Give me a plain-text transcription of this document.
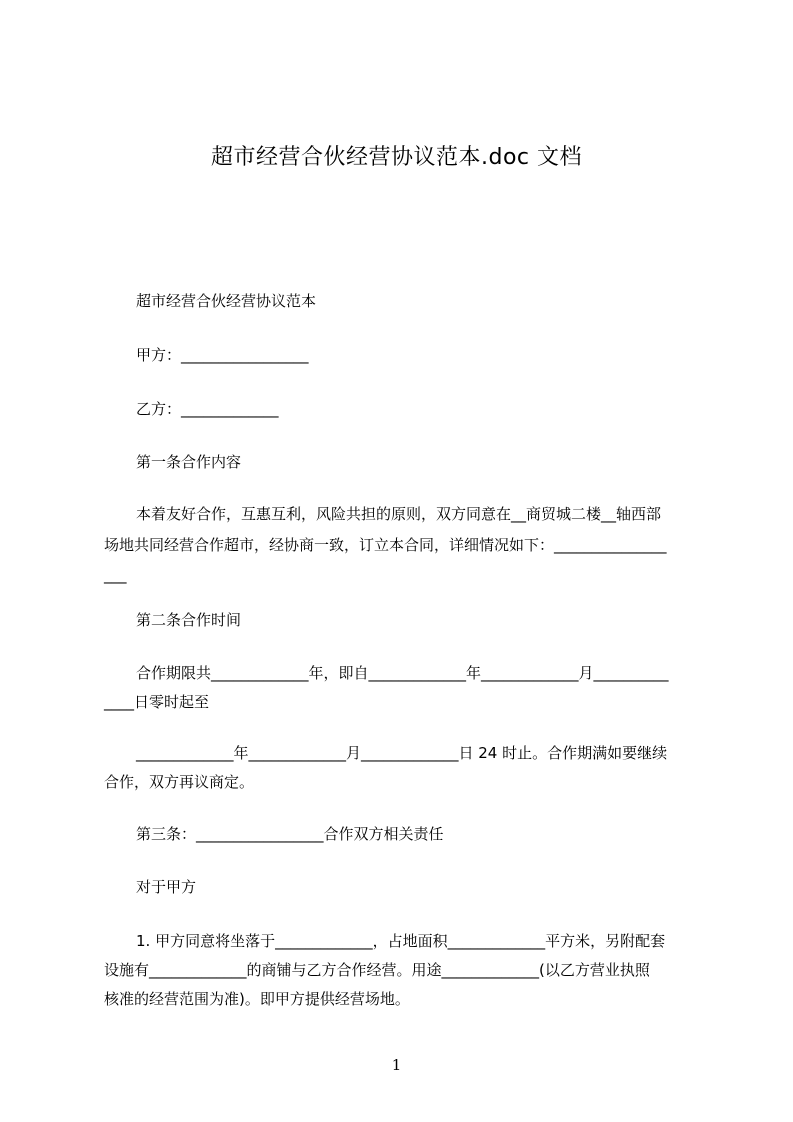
超市经营合伙经营协议范本.doc 文档
超市经营合伙经营协议范本
甲方：_________________
乙方：_____________
第一条合作内容
本着友好合作，互惠互利，风险共担的原则，双方同意在__商贸城二楼__轴西部
场地共同经营合作超市，经协商一致，订立本合同，详细情况如下：_______________
___
第二条合作时间
合作期限共_____________年，即自_____________年_____________月__________
____日零时起至
_____________年_____________月_____________日 24 时止。合作期满如要继续
合作，双方再议商定。
第三条：_________________合作双方相关责任
对于甲方
1. 甲方同意将坐落于_____________，占地面积_____________平方米，另附配套
设施有_____________的商铺与乙方合作经营。用途_____________(以乙方营业执照
核准的经营范围为准)。即甲方提供经营场地。
1
